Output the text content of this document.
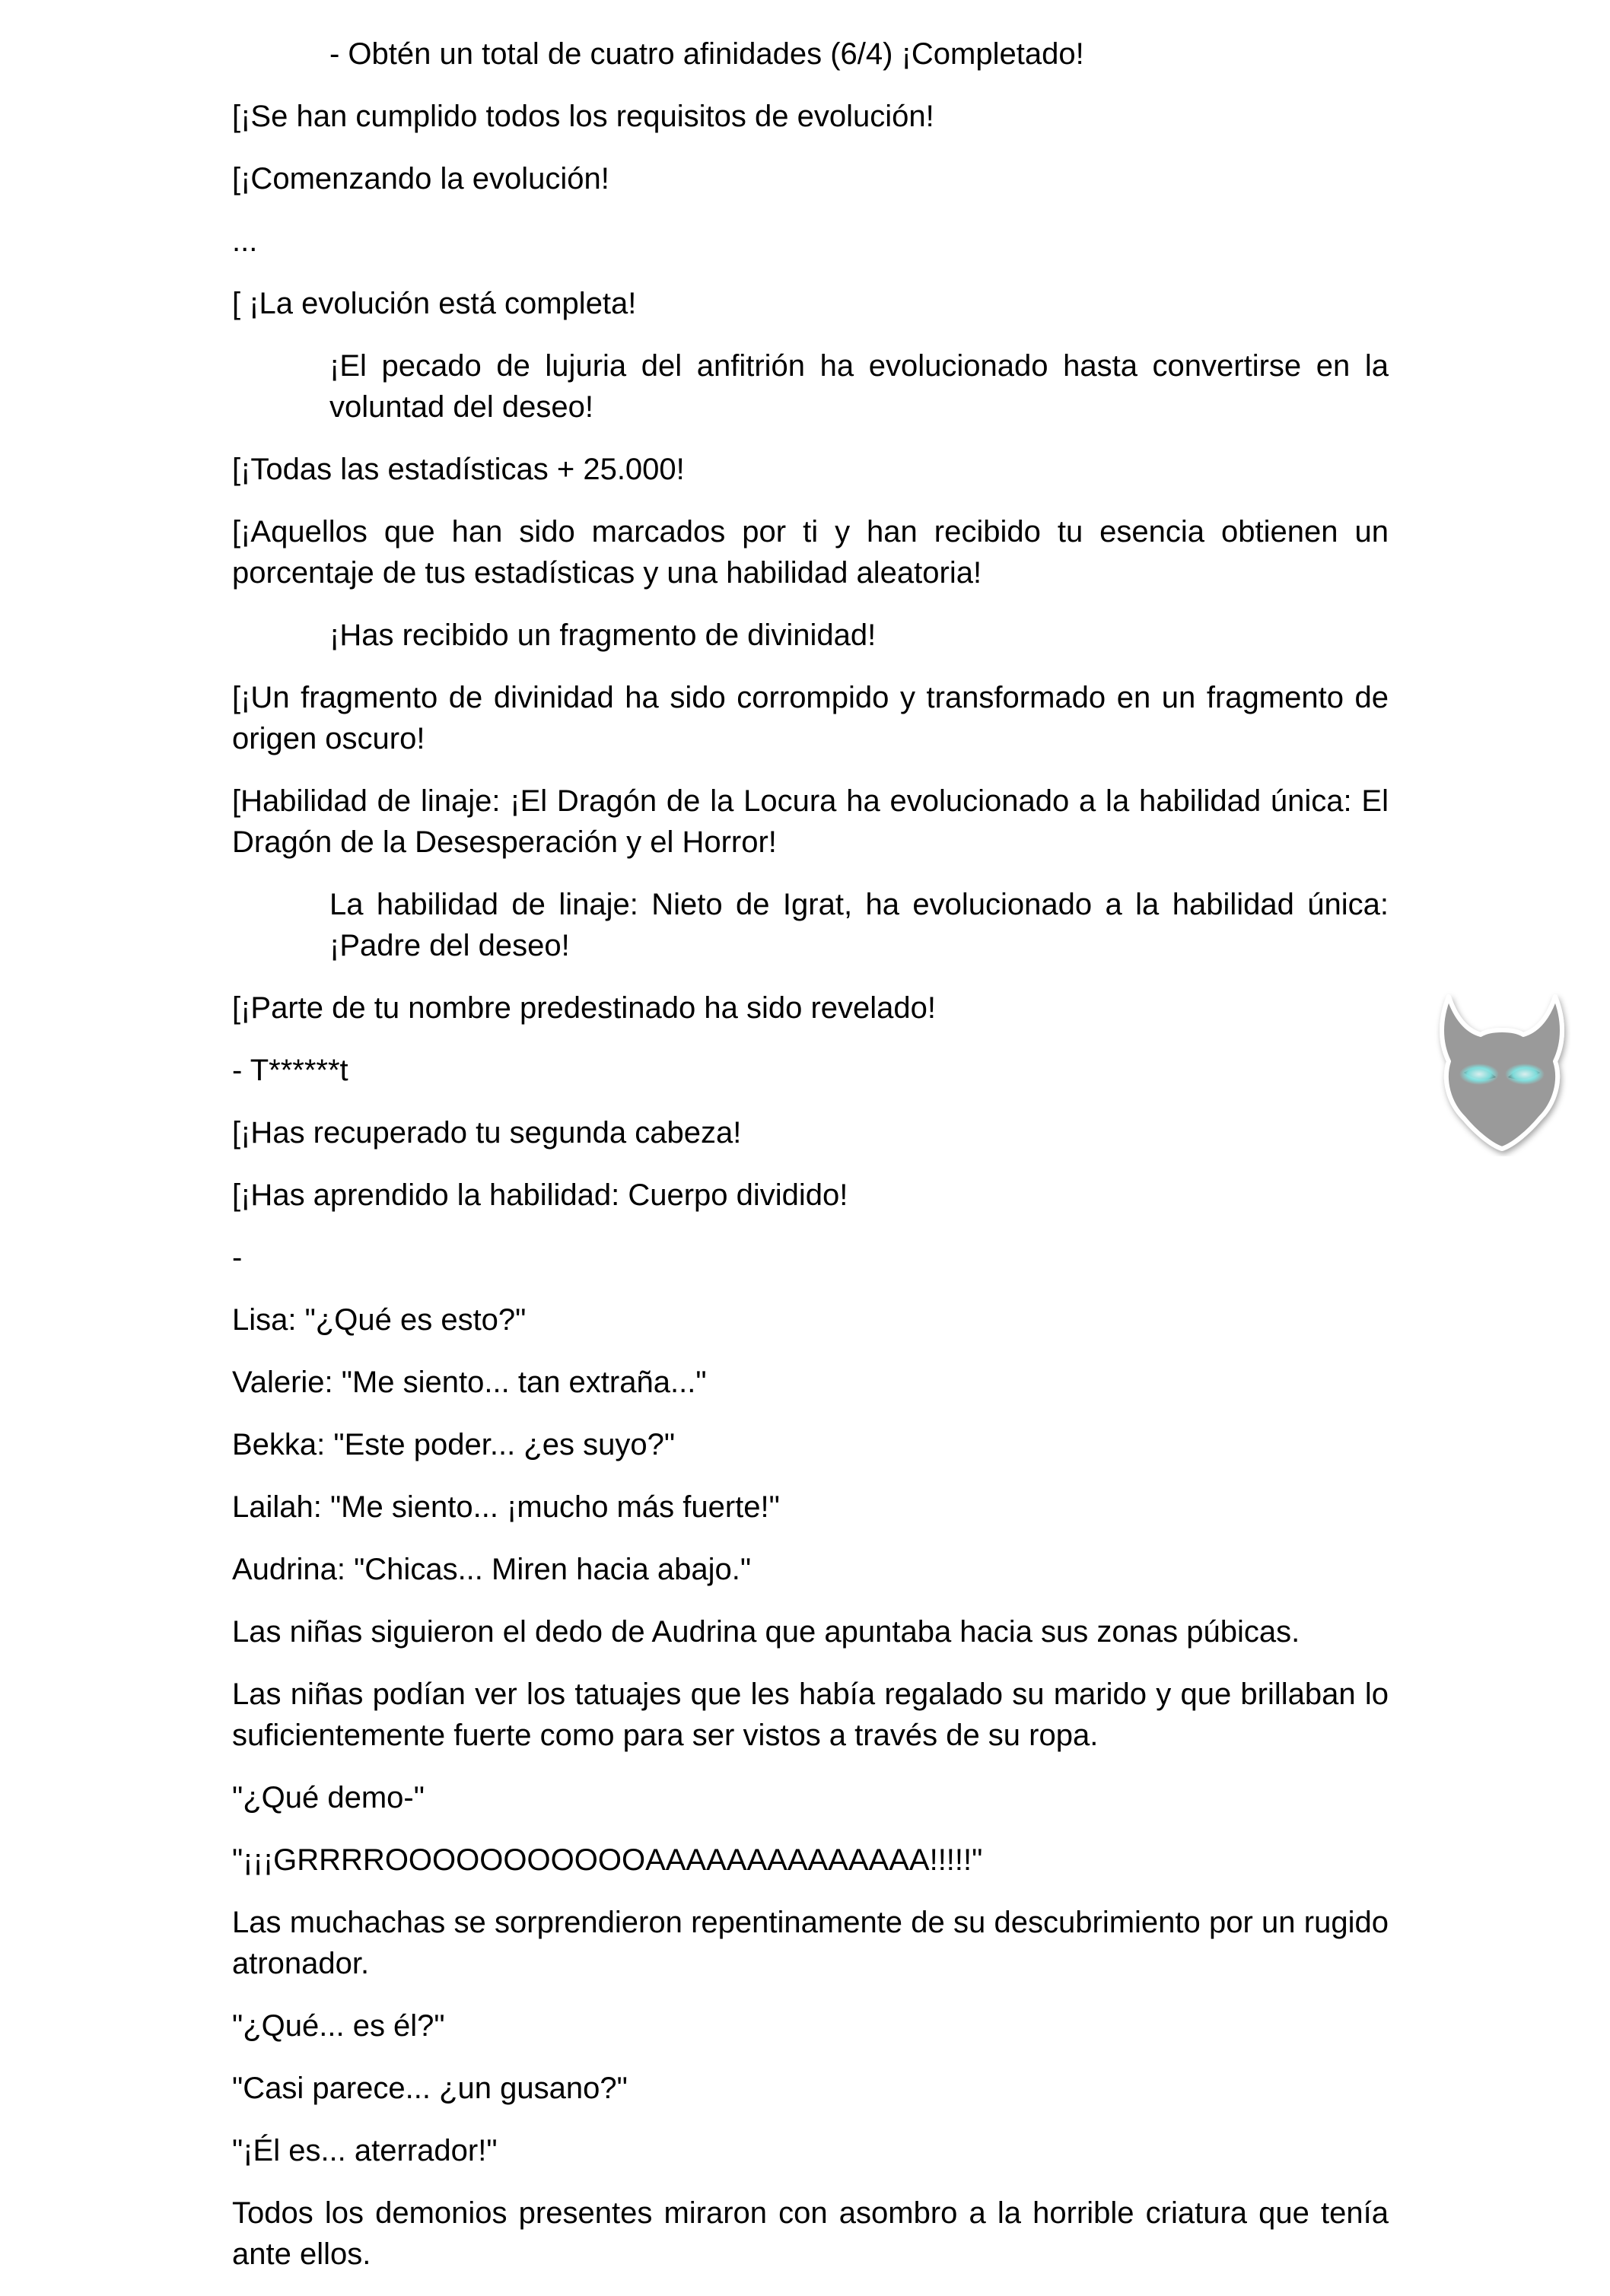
- Obtén un total de cuatro afinidades (6/4) ¡Completado!

[¡Se han cumplido todos los requisitos de evolución!

[¡Comenzando la evolución!

...

[ ¡La evolución está completa!

¡El pecado de lujuria del anfitrión ha evolucionado hasta convertirse en la voluntad del deseo!

[¡Todas las estadísticas + 25.000!

[¡Aquellos que han sido marcados por ti y han recibido tu esencia obtienen un porcentaje de tus estadísticas y una habilidad aleatoria!

¡Has recibido un fragmento de divinidad!

[¡Un fragmento de divinidad ha sido corrompido y transformado en un fragmento de origen oscuro!

[Habilidad de linaje: ¡El Dragón de la Locura ha evolucionado a la habilidad única: El Dragón de la Desesperación y el Horror!

La habilidad de linaje: Nieto de Igrat, ha evolucionado a la habilidad única: ¡Padre del deseo!

[¡Parte de tu nombre predestinado ha sido revelado!

- T******t

[¡Has recuperado tu segunda cabeza!

[¡Has aprendido la habilidad: Cuerpo dividido!

-

Lisa: "¿Qué es esto?"

Valerie: "Me siento... tan extraña..."

Bekka: "Este poder... ¿es suyo?"

Lailah: "Me siento... ¡mucho más fuerte!"

Audrina: "Chicas... Miren hacia abajo."

Las niñas siguieron el dedo de Audrina que apuntaba hacia sus zonas púbicas.

Las niñas podían ver los tatuajes que les había regalado su marido y que brillaban lo suficientemente fuerte como para ser vistos a través de su ropa.

"¿Qué demo-"

"¡¡¡GRRRROOOOOOOOOOOAAAAAAAAAAAAAA!!!!!"

Las muchachas se sorprendieron repentinamente de su descubrimiento por un rugido atronador.

"¿Qué... es él?"

"Casi parece... ¿un gusano?"

"¡Él es... aterrador!"

Todos los demonios presentes miraron con asombro a la horrible criatura que tenía ante ellos.
